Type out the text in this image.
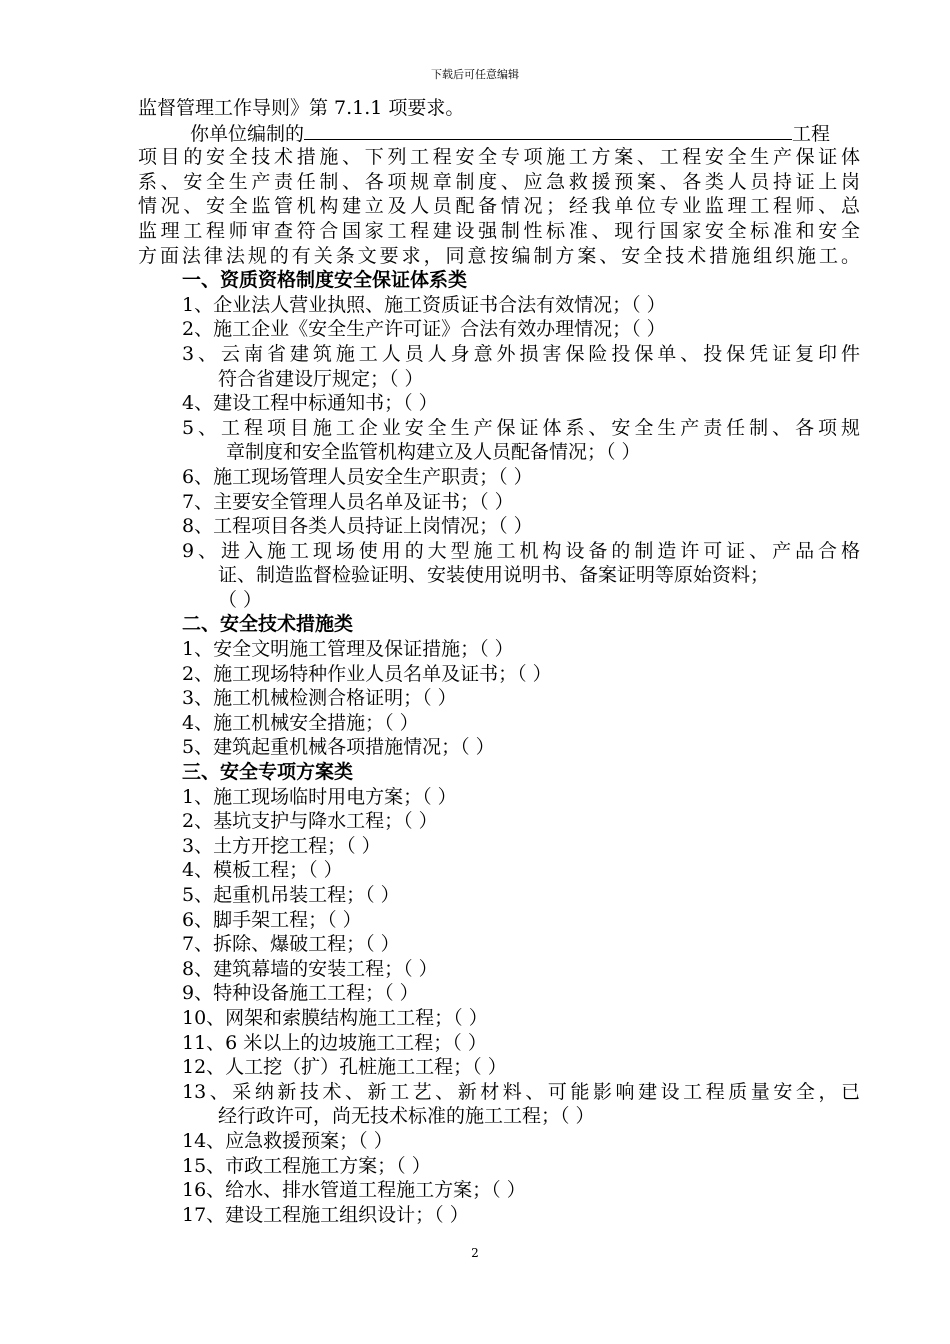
下载后可任意编辑
监督管理工作导则》第 7.1.1 项要求。
你单位编制的	工程
项目的安全技术措施、下列工程安全专项施工方案、工程安全生产保证体
系、安全生产责任制、各项规章制度、应急救援预案、各类人员持证上岗
情况、安全监管机构建立及人员配备情况；经我单位专业监理工程师、总
监理工程师审查符合国家工程建设强制性标准、现行国家安全标准和安全
方面法律法规的有关条文要求，同意按编制方案、安全技术措施组织施工。
一、资质资格制度安全保证体系类
1、企业法人营业执照、施工资质证书合法有效情况；（ ）
2、施工企业《安全生产许可证》合法有效办理情况；（ ）
3、云南省建筑施工人员人身意外损害保险投保单、投保凭证复印件
符合省建设厅规定；（ ）
4、建设工程中标通知书；（ ）
5、工程项目施工企业安全生产保证体系、安全生产责任制、各项规
章制度和安全监管机构建立及人员配备情况；（ ）
6、施工现场管理人员安全生产职责；（ ）
7、主要安全管理人员名单及证书；（ ）
8、工程项目各类人员持证上岗情况；（ ）
9、进入施工现场使用的大型施工机构设备的制造许可证、产品合格
证、制造监督检验证明、安装使用说明书、备案证明等原始资料；
（ ）
二、安全技术措施类
1、安全文明施工管理及保证措施；（ ）
2、施工现场特种作业人员名单及证书；（ ）
3、施工机械检测合格证明；（ ）
4、施工机械安全措施；（ ）
5、建筑起重机械各项措施情况；（ ）
三、安全专项方案类
1、施工现场临时用电方案；（ ）
2、基坑支护与降水工程；（ ）
3、土方开挖工程；（ ）
4、模板工程；（ ）
5、起重机吊装工程；（ ）
6、脚手架工程；（ ）
7、拆除、爆破工程；（ ）
8、建筑幕墙的安装工程；（ ）
9、特种设备施工工程；（ ）
10、网架和索膜结构施工工程；（ ）
11、6 米以上的边坡施工工程；（ ）
12、人工挖（扩）孔桩施工工程；（ ）
13、采纳新技术、新工艺、新材料、可能影响建设工程质量安全，已
经行政许可，尚无技术标准的施工工程；（ ）
14、应急救援预案；（ ）
15、市政工程施工方案；（ ）
16、给水、排水管道工程施工方案；（ ）
17、建设工程施工组织设计；（ ）
2
